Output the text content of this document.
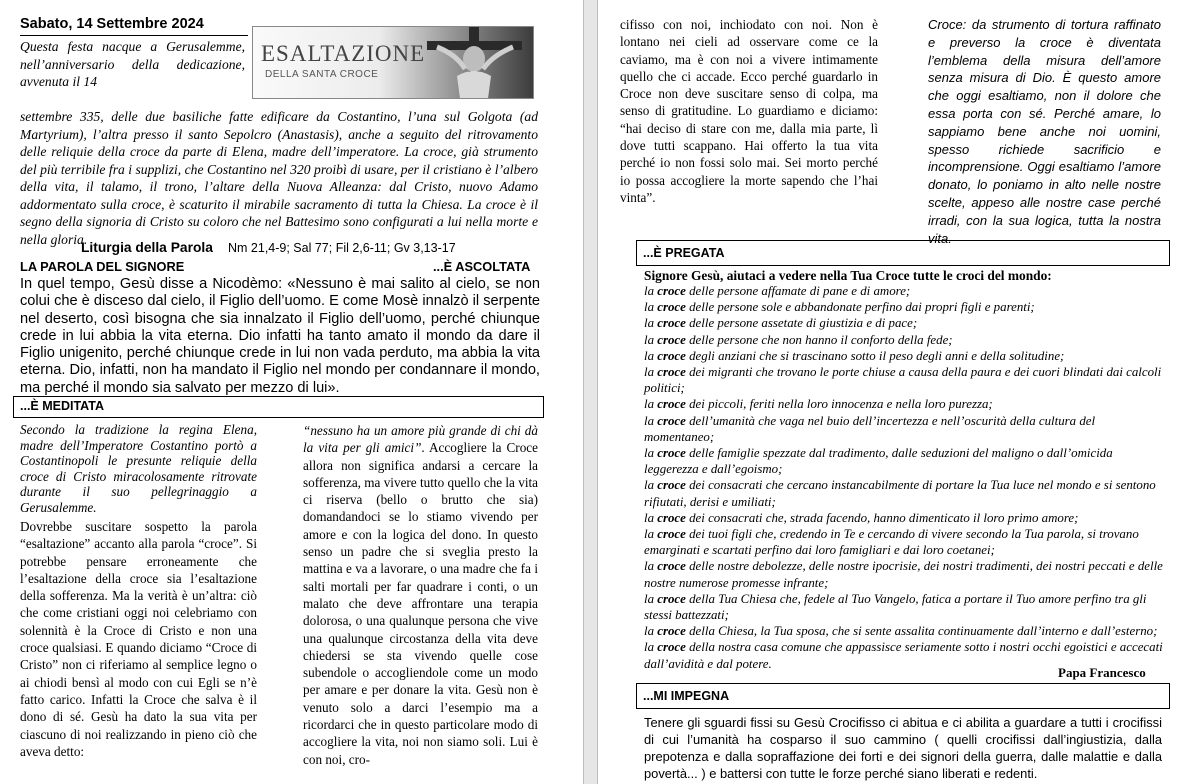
Sabato, 14 Settembre 2024
ESALTAZIONE
DELLA SANTA CROCE
Questa festa nacque a Gerusalemme, nell’anniversario della dedicazione, avvenuta il 14
settembre 335, delle due basiliche fatte edificare da Costantino, l’una sul Golgota (ad Martyrium), l’altra presso il santo Sepolcro (Anastasis), anche a seguito del ritrovamento delle reliquie della croce da parte di Elena, madre dell’imperatore. La croce, già strumento del più terribile fra i supplizi, che Costantino nel 320 proibì di usare, per il cristiano è l’albero della vita, il talamo, il trono, l’altare della Nuova Alleanza: dal Cristo, nuovo Adamo addormentato sulla croce, è scaturito il mirabile sacramento di tutta la Chiesa. La croce è il segno della signoria di Cristo su coloro che nel Battesimo sono configurati a lui nella morte e nella gloria.
Liturgia della Parola Nm 21,4-9; Sal 77; Fil 2,6-11; Gv 3,13-17
LA PAROLA DEL SIGNORE	...È ASCOLTATA
In quel tempo, Gesù disse a Nicodèmo: «Nessuno è mai salito al cielo, se non colui che è disceso dal cielo, il Figlio dell’uomo. E come Mosè innalzò il serpente nel deserto, così bisogna che sia innalzato il Figlio dell’uomo, perché chiunque crede in lui abbia la vita eterna. Dio infatti ha tanto amato il mondo da dare il Figlio unigenito, perché chiunque crede in lui non vada perduto, ma abbia la vita eterna. Dio, infatti, non ha mandato il Figlio nel mondo per condannare il mondo, ma perché il mondo sia salvato per mezzo di lui».
...È MEDITATA
Secondo la tradizione la regina Elena, madre dell’Imperatore Costantino portò a Costantinopoli le presunte reliquie della croce di Cristo miracolosamente ritrovate durante il suo pellegrinaggio a Gerusalemme.
Dovrebbe suscitare sospetto la parola “esaltazione” accanto alla parola “croce”. Si potrebbe pensare erroneamente che l’esaltazione della croce sia l’esaltazione della sofferenza. Ma la verità è un’altra: ciò che come cristiani oggi noi celebriamo con solennità è la Croce di Cristo e non una croce qualsiasi. E quando diciamo “Croce di Cristo” non ci riferiamo al semplice legno o ai chiodi bensì al modo con cui Egli se n’è fatto carico. Infatti la Croce che salva è il dono di sé. Gesù ha dato la sua vita per ciascuno di noi realizzando in pieno ciò che aveva detto:
“nessuno ha un amore più grande di chi dà la vita per gli amici”. Accogliere la Croce allora non significa andarsi a cercare la sofferenza, ma vivere tutto quello che la vita ci riserva (bello o brutto che sia) domandandoci se lo stiamo vivendo per amore e con la logica del dono. In questo senso un padre che si sveglia presto la mattina e va a lavorare, o una madre che fa i salti mortali per far quadrare i conti, o un malato che deve affrontare una terapia dolorosa, o una qualunque persona che vive una qualunque circostanza della vita deve chiedersi se sta vivendo quelle cose subendole o accogliendole come un modo per amare e per donare la vita. Gesù non è venuto solo a darci l’esempio ma a ricordarci che in questo particolare modo di accogliere la vita, noi non siamo soli. Lui è con noi, cro-
cifisso con noi, inchiodato con noi. Non è lontano nei cieli ad osservare come ce la caviamo, ma è con noi a vivere intimamente quello che ci accade. Ecco perché guardarlo in Croce non deve suscitare senso di colpa, ma senso di gratitudine. Lo guardiamo e diciamo: “hai deciso di stare con me, dalla mia parte, lì dove tutti scappano. Hai offerto la tua vita perché io non fossi solo mai. Sei morto perché io possa accogliere la morte sapendo che l’hai vinta”.
Croce: da strumento di tortura raffinato e preverso la croce è diventata l’emblema della misura dell’amore senza misura di Dio. È questo amore che oggi esaltiamo, non il dolore che essa porta con sé. Perché amare, lo sappiamo bene anche noi uomini, spesso richiede sacrificio e incomprensione. Oggi esaltiamo l’amore donato, lo poniamo in alto nelle nostre scelte, appeso alle nostre case perché irradi, con la sua logica, tutta la nostra vita.
...È PREGATA
Signore Gesù, aiutaci a vedere nella Tua Croce tutte le croci del mondo:

la croce delle persone affamate di pane e di amore;

la croce delle persone sole e abbandonate perfino dai propri figli e parenti;

la croce delle persone assetate di giustizia e di pace;

la croce delle persone che non hanno il conforto della fede;

la croce degli anziani che si trascinano sotto il peso degli anni e della solitudine;

la croce dei migranti che trovano le porte chiuse a causa della paura e dei cuori blindati dai calcoli politici;

la croce dei piccoli, feriti nella loro innocenza e nella loro purezza;

la croce dell’umanità che vaga nel buio dell’incertezza e nell’oscurità della cultura del momentaneo;

la croce delle famiglie spezzate dal tradimento, dalle seduzioni del maligno o dall’omicida leggerezza e dall’egoismo;

la croce dei consacrati che cercano instancabilmente di portare la Tua luce nel mondo e si sentono rifiutati, derisi e umiliati;

la croce dei consacrati che, strada facendo, hanno dimenticato il loro primo amore;

la croce dei tuoi figli che, credendo in Te e cercando di vivere secondo la Tua parola, si trovano emarginati e scartati perfino dai loro famigliari e dai loro coetanei;

la croce delle nostre debolezze, delle nostre ipocrisie, dei nostri tradimenti, dei nostri peccati e delle nostre numerose promesse infrante;

la croce della Tua Chiesa che, fedele al Tuo Vangelo, fatica a portare il Tuo amore perfino tra gli stessi battezzati;

la croce della Chiesa, la Tua sposa, che si sente assalita continuamente dall’interno e dall’esterno;

la croce della nostra casa comune che appassisce seriamente sotto i nostri occhi egoistici e accecati dall’avidità e dal potere.

Papa Francesco
...MI IMPEGNA
Tenere gli sguardi fissi su Gesù Crocifisso ci abitua e ci abilita a guardare a tutti i crocifissi di cui l’umanità ha cosparso il suo cammino ( quelli crocifissi dall’ingiustizia, dalla prepotenza e dalla sopraffazione dei forti e dei signori della guerra, dalle malattie e dalla povertà... ) e battersi con tutte le forze perché siano liberati e redenti.
